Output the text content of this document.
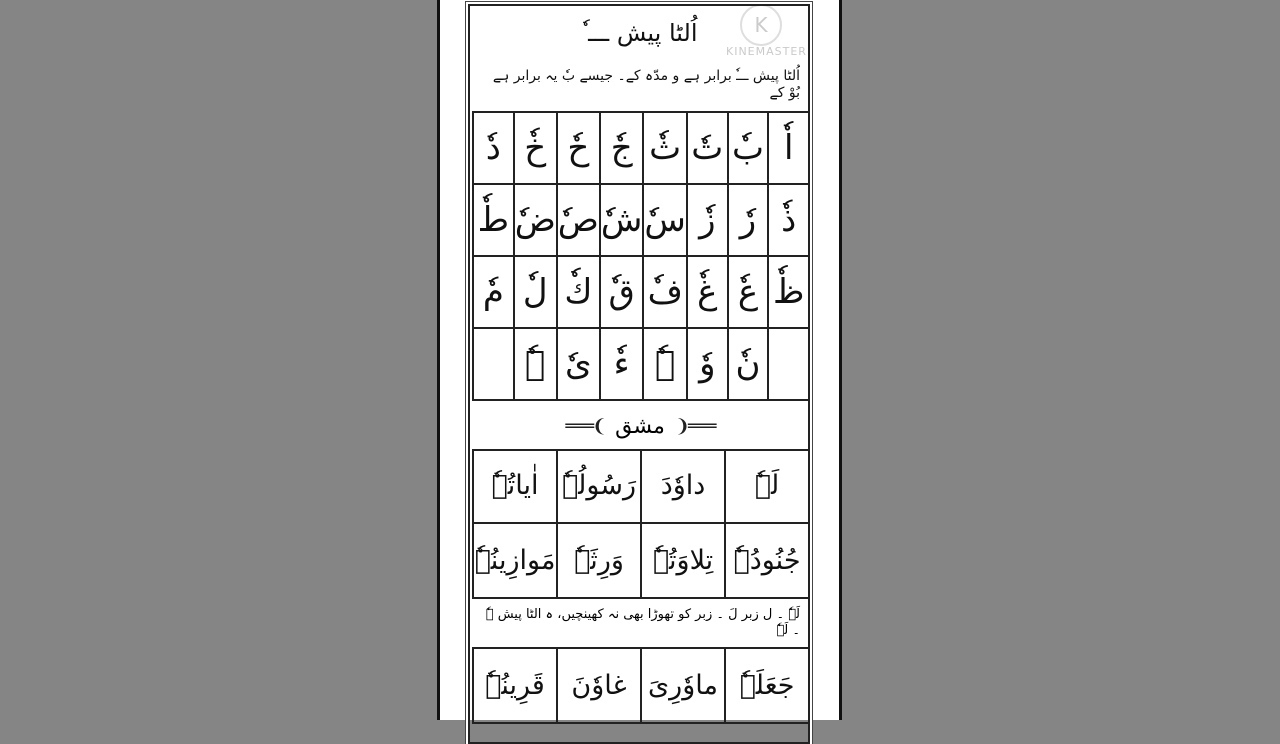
K
KINEMASTER
اُلٹا پیش ـــ ٗ
اُلٹا پیش ـــٗ برابر ہے و مدّہ کے۔ جیسے بٗ یہ برابر ہے بُوْ کے
اٗ
بٗ
تٗ
ثٗ
جٗ
حٗ
خٗ
دٗ
ذٗ
رٗ
زٗ
سٗ
شٗ
صٗ
ضٗ
طٗ
ظٗ
عٗ
غٗ
فٗ
قٗ
كٗ
لٗ
مٗ
نٗ
وٗ
ہٗ
ءٗ
یٗ
ےٗ
═══❨ مشق ❩═══
لَہٗ
داوٗدَ
رَسُولُہٗ
اٰیاتُہٗ
جُنُودُہٗ
تِلاوَتُہٗ
وَرِثَہٗ
مَوازِینُہٗ
لَہٗ ۔ ل زبر لَ ۔ زبر کو تھوڑا بھی نہ کھینچیں، ہ الٹا پیش ہٗ ۔ لَہٗ
جَعَلَہٗ
ماوٗرِیَ
غاوٗنَ
قَرِینُہٗ
